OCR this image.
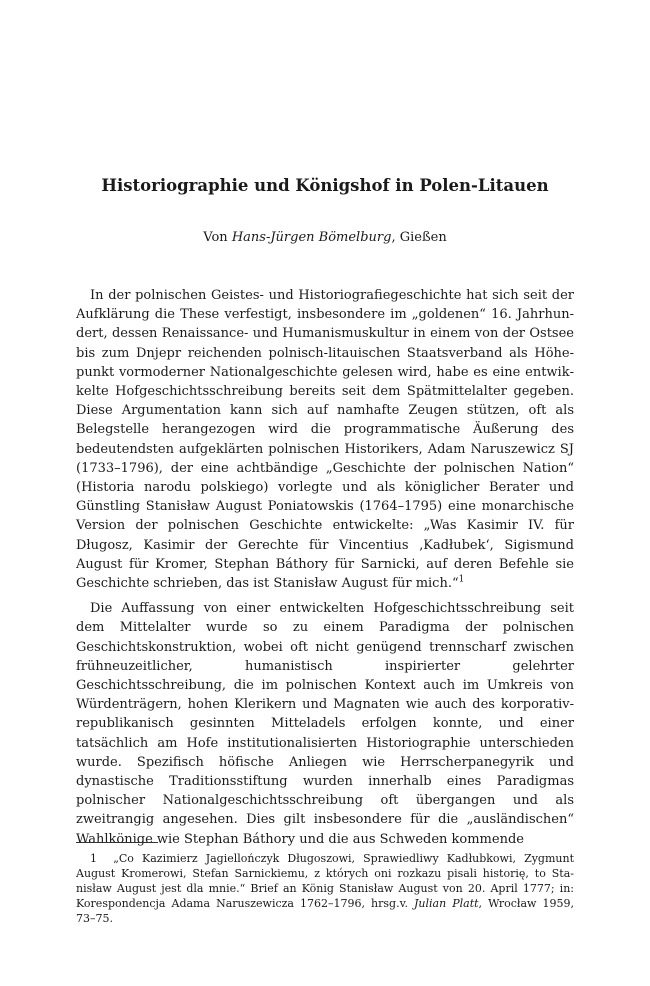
Historiographie und Königshof in Polen-Litauen
Von Hans-Jürgen Bömelburg, Gießen

In der polnischen Geistes- und Historiografiegeschichte hat sich seit der Aufklärung die These verfestigt, insbesondere im „goldenen“ 16. Jahrhundert, dessen Renaissance- und Humanismuskultur in einem von der Ostsee bis zum Dnjepr reichenden polnisch-litauischen Staatsverband als Höhepunkt vormoderner Nationalgeschichte gelesen wird, habe es eine entwikkelte Hofgeschichtsschreibung bereits seit dem Spätmittelalter gegeben. Diese Argumentation kann sich auf namhafte Zeugen stützen, oft als Belegstelle herangezogen wird die programmatische Äußerung des bedeutendsten aufgeklärten polnischen Historikers, Adam Naruszewicz SJ (1733–1796), der eine achtbändige „Geschichte der polnischen Nation“ (Historia narodu polskiego) vorlegte und als königlicher Berater und Günstling Stanisław August Poniatowskis (1764–1795) eine monarchische Version der polnischen Geschichte entwickelte: „Was Kasimir IV. für Długosz, Kasimir der Gerechte für Vincentius ‚Kadłubek‘, Sigismund August für Kromer, Stephan Báthory für Sarnicki, auf deren Befehle sie Geschichte schrieben, das ist Stanisław August für mich.“$^1$

Die Auffassung von einer entwickelten Hofgeschichtsschreibung seit dem Mittelalter wurde so zu einem Paradigma der polnischen Geschichtskonstruktion, wobei oft nicht genügend trennscharf zwischen frühneuzeitlicher, humanistisch inspirierter gelehrter Geschichtsschreibung, die im polnischen Kontext auch im Umkreis von Würdenträgern, hohen Klerikern und Magnaten wie auch des korporativ-republikanisch gesinnten Mitteladels erfolgen konnte, und einer tatsächlich am Hofe institutionalisierten Historiographie unterschieden wurde. Spezifisch höfische Anliegen wie Herrscherpanegyrik und dynastische Traditionsstiftung wurden innerhalb eines Paradigmas polnischer Nationalgeschichtsschreibung oft übergangen und als zweitrangig angesehen. Dies gilt insbesondere für die „ausländischen“ Wahlkönige wie Stephan Báthory und die aus Schweden kommende

1 „Co Kazimierz Jagiellończyk Długoszowi, Sprawiedliwy Kadłubkowi, Zygmunt August Kromerowi, Stefan Sarnickiemu, z których oni rozkazu pisali historię, to Stanisław August jest dla mnie.“ Brief an König Stanisław August von 20. April 1777; in: Korespondencja Adama Naruszewicza 1762–1796, hrsg.v. Julian Platt, Wrocław 1959, 73–75.
